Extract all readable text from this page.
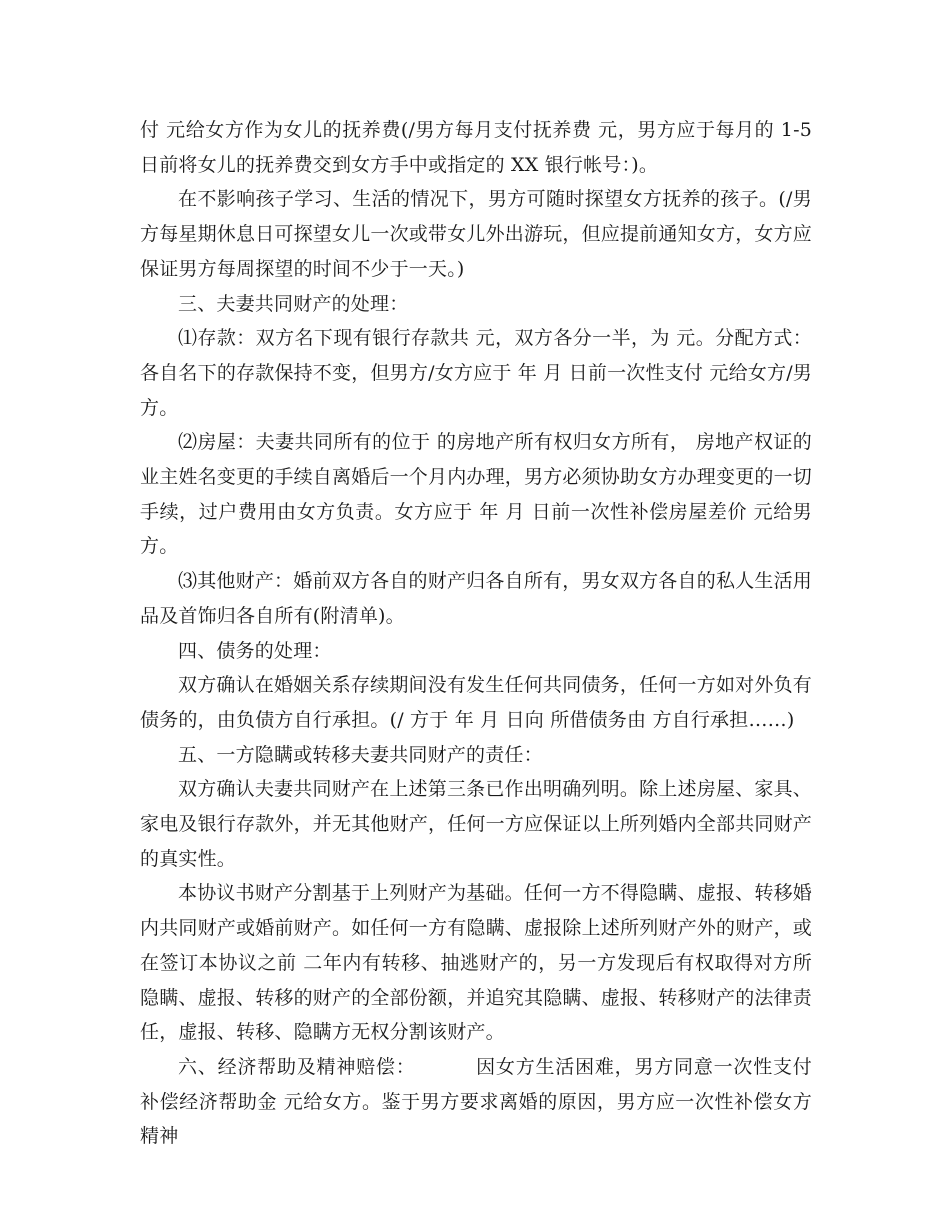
付 元给女方作为女儿的抚养费(/男方每月支付抚养费 元，男方应于每月的 1-5 日前将女儿的抚养费交到女方手中或指定的 XX 银行帐号：)。

在不影响孩子学习、生活的情况下，男方可随时探望女方抚养的孩子。(/男方每星期休息日可探望女儿一次或带女儿外出游玩，但应提前通知女方，女方应保证男方每周探望的时间不少于一天。)

三、夫妻共同财产的处理：

⑴存款：双方名下现有银行存款共 元，双方各分一半，为 元。分配方式：各自名下的存款保持不变，但男方/女方应于 年 月 日前一次性支付 元给女方/男方。

⑵房屋：夫妻共同所有的位于 的房地产所有权归女方所有， 房地产权证的业主姓名变更的手续自离婚后一个月内办理，男方必须协助女方办理变更的一切手续，过户费用由女方负责。女方应于 年 月 日前一次性补偿房屋差价 元给男方。

⑶其他财产：婚前双方各自的财产归各自所有，男女双方各自的私人生活用品及首饰归各自所有(附清单)。

四、债务的处理：

双方确认在婚姻关系存续期间没有发生任何共同债务，任何一方如对外负有债务的，由负债方自行承担。(/ 方于 年 月 日向 所借债务由 方自行承担……)

五、一方隐瞒或转移夫妻共同财产的责任：

双方确认夫妻共同财产在上述第三条已作出明确列明。除上述房屋、家具、家电及银行存款外，并无其他财产，任何一方应保证以上所列婚内全部共同财产的真实性。

本协议书财产分割基于上列财产为基础。任何一方不得隐瞒、虚报、转移婚内共同财产或婚前财产。如任何一方有隐瞒、虚报除上述所列财产外的财产，或在签订本协议之前 二年内有转移、抽逃财产的，另一方发现后有权取得对方所隐瞒、虚报、转移的财产的全部份额，并追究其隐瞒、虚报、转移财产的法律责任，虚报、转移、隐瞒方无权分割该财产。

六、经济帮助及精神赔偿：	因女方生活困难，男方同意一次性支付补偿经济帮助金 元给女方。鉴于男方要求离婚的原因，男方应一次性补偿女方精神
